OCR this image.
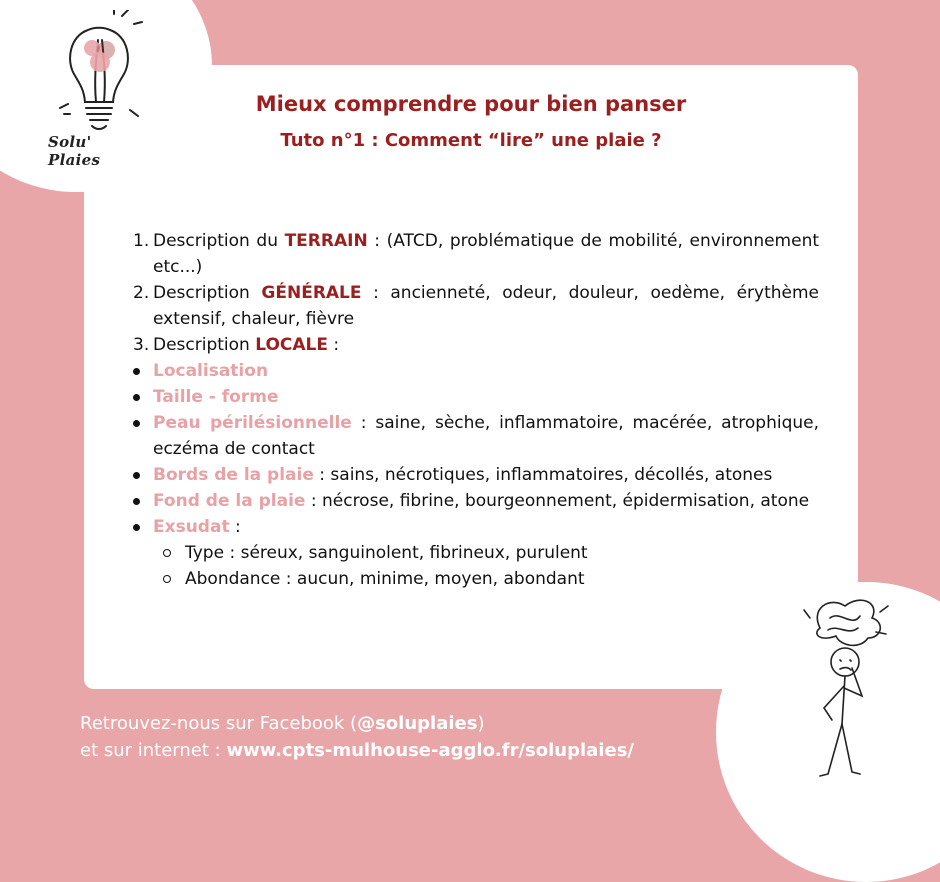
Solu' Plaies
Mieux comprendre pour bien panser
Tuto n°1 : Comment “lire” une plaie ?
1. Description du TERRAIN : (ATCD, problématique de mobilité, environnement etc...)
2. Description GÉNÉRALE : ancienneté, odeur, douleur, oedème, érythème extensif, chaleur, fièvre
3. Description LOCALE :
Localisation
Taille - forme
Peau périlésionnelle : saine, sèche, inflammatoire, macérée, atrophique, eczéma de contact
Bords de la plaie : sains, nécrotiques, inflammatoires, décollés, atones
Fond de la plaie : nécrose, fibrine, bourgeonnement, épidermisation, atone
Exsudat :
Type : séreux, sanguinolent, fibrineux, purulent
Abondance : aucun, minime, moyen, abondant
Retrouvez-nous sur Facebook (@soluplaies)
et sur internet : www.cpts-mulhouse-agglo.fr/soluplaies/
